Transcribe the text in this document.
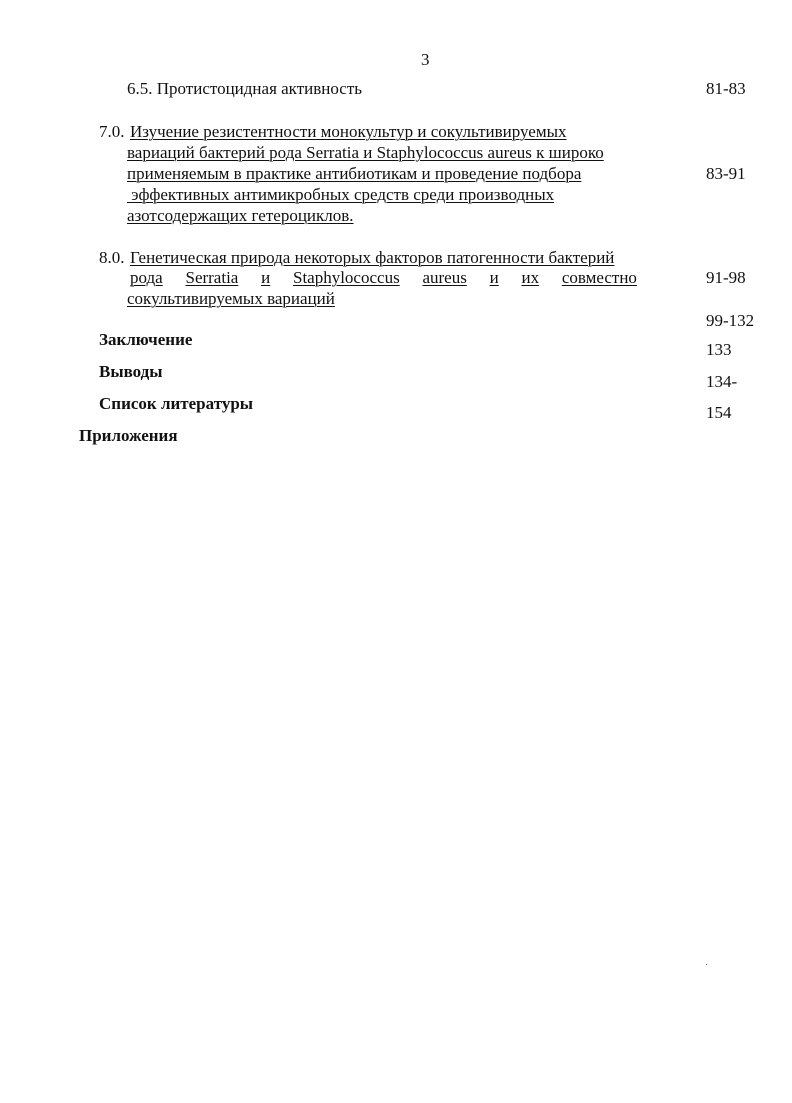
3
6.5. Протистоцидная активность	81-83
7.0. Изучение резистентности монокультур и сокультивируемых
вариаций бактерий рода Serratia и Staphylococcus aureus к широко
применяемым в практике антибиотикам и проведение подбора
эффективных антимикробных средств среди производных
азотсодержащих гетероциклов.
83-91
8.0. Генетическая природа некоторых факторов патогенности бактерий
рода Serratia и Staphylococcus aureus и их совместно
сокультивируемых вариаций
91-98
99-132
Заключение
133
Выводы
134-
Список литературы	154
Приложения
